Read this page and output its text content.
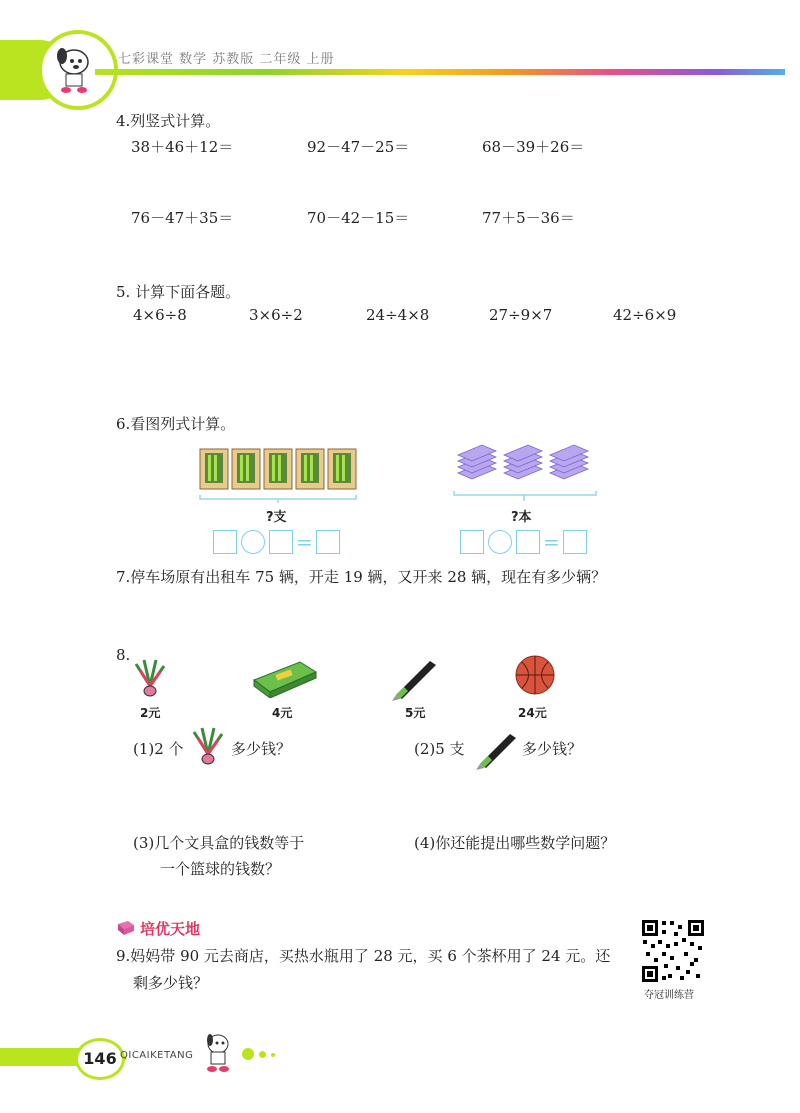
七彩课堂 数学 苏教版 二年级 上册
4.列竖式计算。
38＋46＋12＝	92－47－25＝	68－39＋26＝
76－47＋35＝	70－42－15＝	77＋5－36＝
5. 计算下面各题。
4×6÷8	3×6÷2	24÷4×8	27÷9×7	42÷6×9
6.看图列式计算。
?支
=
?本
=
7.停车场原有出租车 75 辆，开走 19 辆，又开来 28 辆，现在有多少辆？
8.
2元	4元	5元	24元
(1)2 个	多少钱？	(2)5 支	多少钱？
(3)几个文具盒的钱数等于
一个篮球的钱数？
(4)你还能提出哪些数学问题？
培优天地
9.妈妈带 90 元去商店，买热水瓶用了 28 元，买 6 个茶杯用了 24 元。还
剩多少钱？
夺冠训练营
146 QICAIKETANG
